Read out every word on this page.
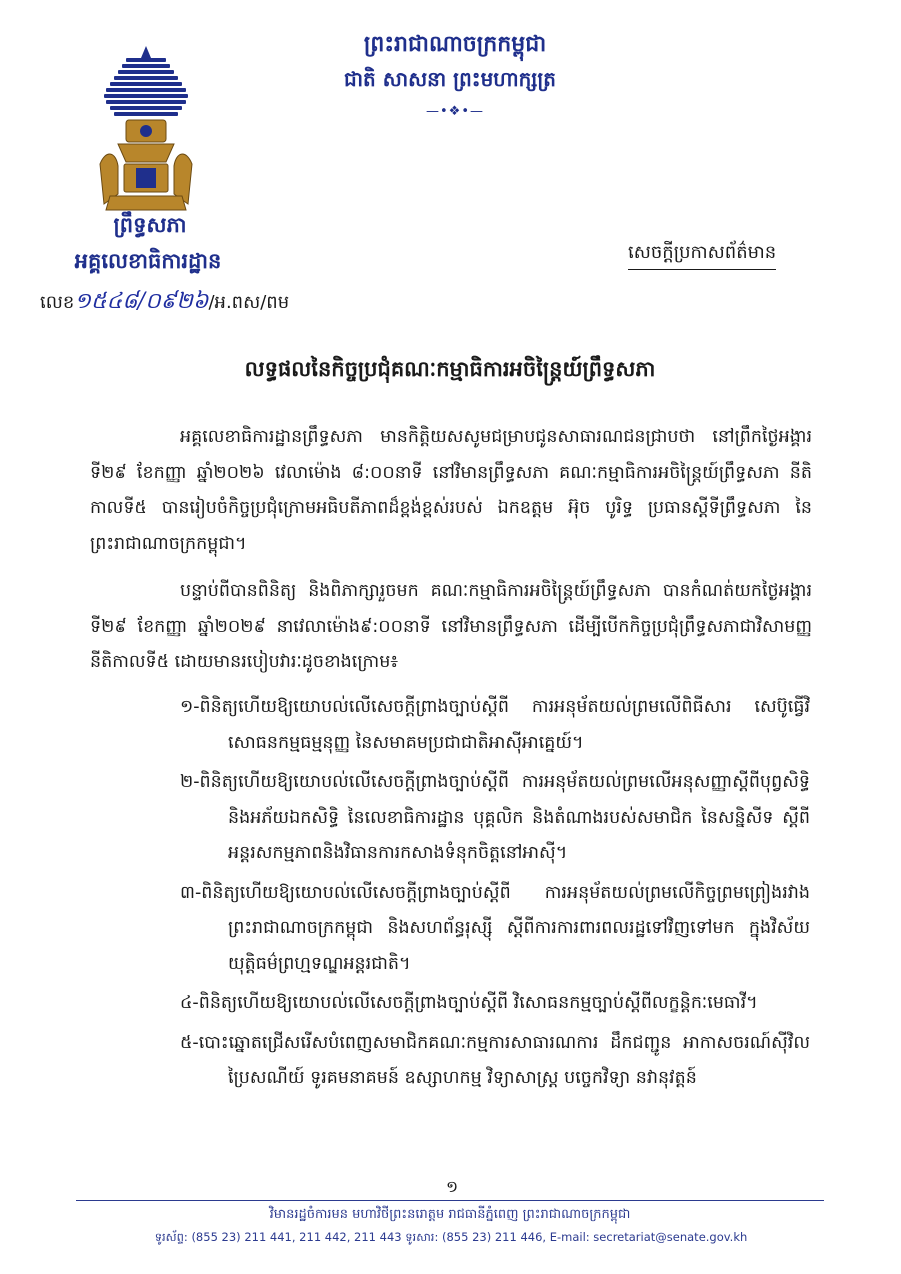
ព្រះរាជាណាចក្រកម្ពុជា
ជាតិ សាសនា ព្រះមហាក្សត្រ
—•❖•—
ព្រឹទ្ធសភា
អគ្គលេខាធិការដ្ឋាន
លេខ១៥៤៨/០៩២៦/អ.ពស/ពម
សេចក្តីប្រកាសព័ត៌មាន
លទ្ធផលនៃកិច្ចប្រជុំគណៈកម្មាធិការអចិន្ត្រៃយ៍ព្រឹទ្ធសភា
អគ្គលេខាធិការដ្ឋានព្រឹទ្ធសភា មានកិត្តិយសសូមជម្រាបជូនសាធារណជនជ្រាបថា នៅព្រឹកថ្ងៃអង្គារ ទី២៩ ខែកញ្ញា ឆ្នាំ២០២៦ វេលាម៉ោង ៨:០០នាទី នៅវិមានព្រឹទ្ធសភា គណៈកម្មាធិការអចិន្ត្រៃយ៍ព្រឹទ្ធសភា នីតិកាលទី៥ បានរៀបចំកិច្ចប្រជុំក្រោមអធិបតីភាពដ៏ខ្ពង់ខ្ពស់របស់ ឯកឧត្តម អ៊ុច បូរិទ្ធ ប្រធានស្តីទីព្រឹទ្ធសភា នៃព្រះរាជាណាចក្រកម្ពុជា។
បន្ទាប់ពីបានពិនិត្យ និងពិភាក្សារួចមក គណៈកម្មាធិការអចិន្ត្រៃយ៍ព្រឹទ្ធសភា បានកំណត់យកថ្ងៃអង្គារ ទី២៩ ខែកញ្ញា ឆ្នាំ២០២៩ នាវេលាម៉ោង៩:០០នាទី នៅវិមានព្រឹទ្ធសភា ដើម្បីបើកកិច្ចប្រជុំព្រឹទ្ធសភាជាវិសាមញ្ញ នីតិកាលទី៥ ដោយមានរបៀបវារៈដូចខាងក្រោម៖
១-ពិនិត្យហើយឱ្យយោបល់លើសេចក្តីព្រាងច្បាប់ស្តីពី ការអនុម័តយល់ព្រមលើពិធីសារ សេប៊ូធ្វើវិសោធនកម្មធម្មនុញ្ញ នៃសមាគមប្រជាជាតិអាស៊ីអាគ្នេយ៍។
២-ពិនិត្យហើយឱ្យយោបល់លើសេចក្តីព្រាងច្បាប់ស្តីពី ការអនុម័តយល់ព្រមលើអនុសញ្ញាស្តីពីបុព្វសិទ្ធិ និងអភ័យឯកសិទ្ធិ នៃលេខាធិការដ្ឋាន បុគ្គលិក និងតំណាងរបស់សមាជិក នៃសន្និសីទ ស្តីពីអន្តរសកម្មភាពនិងវិធានការកសាងទំនុកចិត្តនៅអាស៊ី។
៣-ពិនិត្យហើយឱ្យយោបល់លើសេចក្តីព្រាងច្បាប់ស្តីពី ការអនុម័តយល់ព្រមលើកិច្ចព្រមព្រៀងរវាងព្រះរាជាណាចក្រកម្ពុជា និងសហព័ន្ធរុស្ស៊ី ស្តីពីការការពារពលរដ្ឋទៅវិញទៅមក ក្នុងវិស័យយុត្តិធម៌ព្រហ្មទណ្ឌអន្តរជាតិ។
៤-ពិនិត្យហើយឱ្យយោបល់លើសេចក្តីព្រាងច្បាប់ស្តីពី វិសោធនកម្មច្បាប់ស្តីពីលក្ខន្តិកៈមេធាវី។
៥-បោះឆ្នោតជ្រើសរើសបំពេញសមាជិកគណៈកម្មការសាធារណការ ដឹកជញ្ជូន អាកាសចរណ៍ស៊ីវិល ប្រៃសណីយ៍ ទូរគមនាគមន៍ ឧស្សាហកម្ម វិទ្យាសាស្ត្រ បច្ចេកវិទ្យា នវានុវត្តន៍
១
វិមានរដ្ឋចំការមន មហាវិថីព្រះនរោត្តម រាជធានីភ្នំពេញ ព្រះរាជាណាចក្រកម្ពុជា
ទូរស័ព្ទ: (855 23) 211 441, 211 442, 211 443 ទូរសារ: (855 23) 211 446, E-mail: secretariat@senate.gov.kh
